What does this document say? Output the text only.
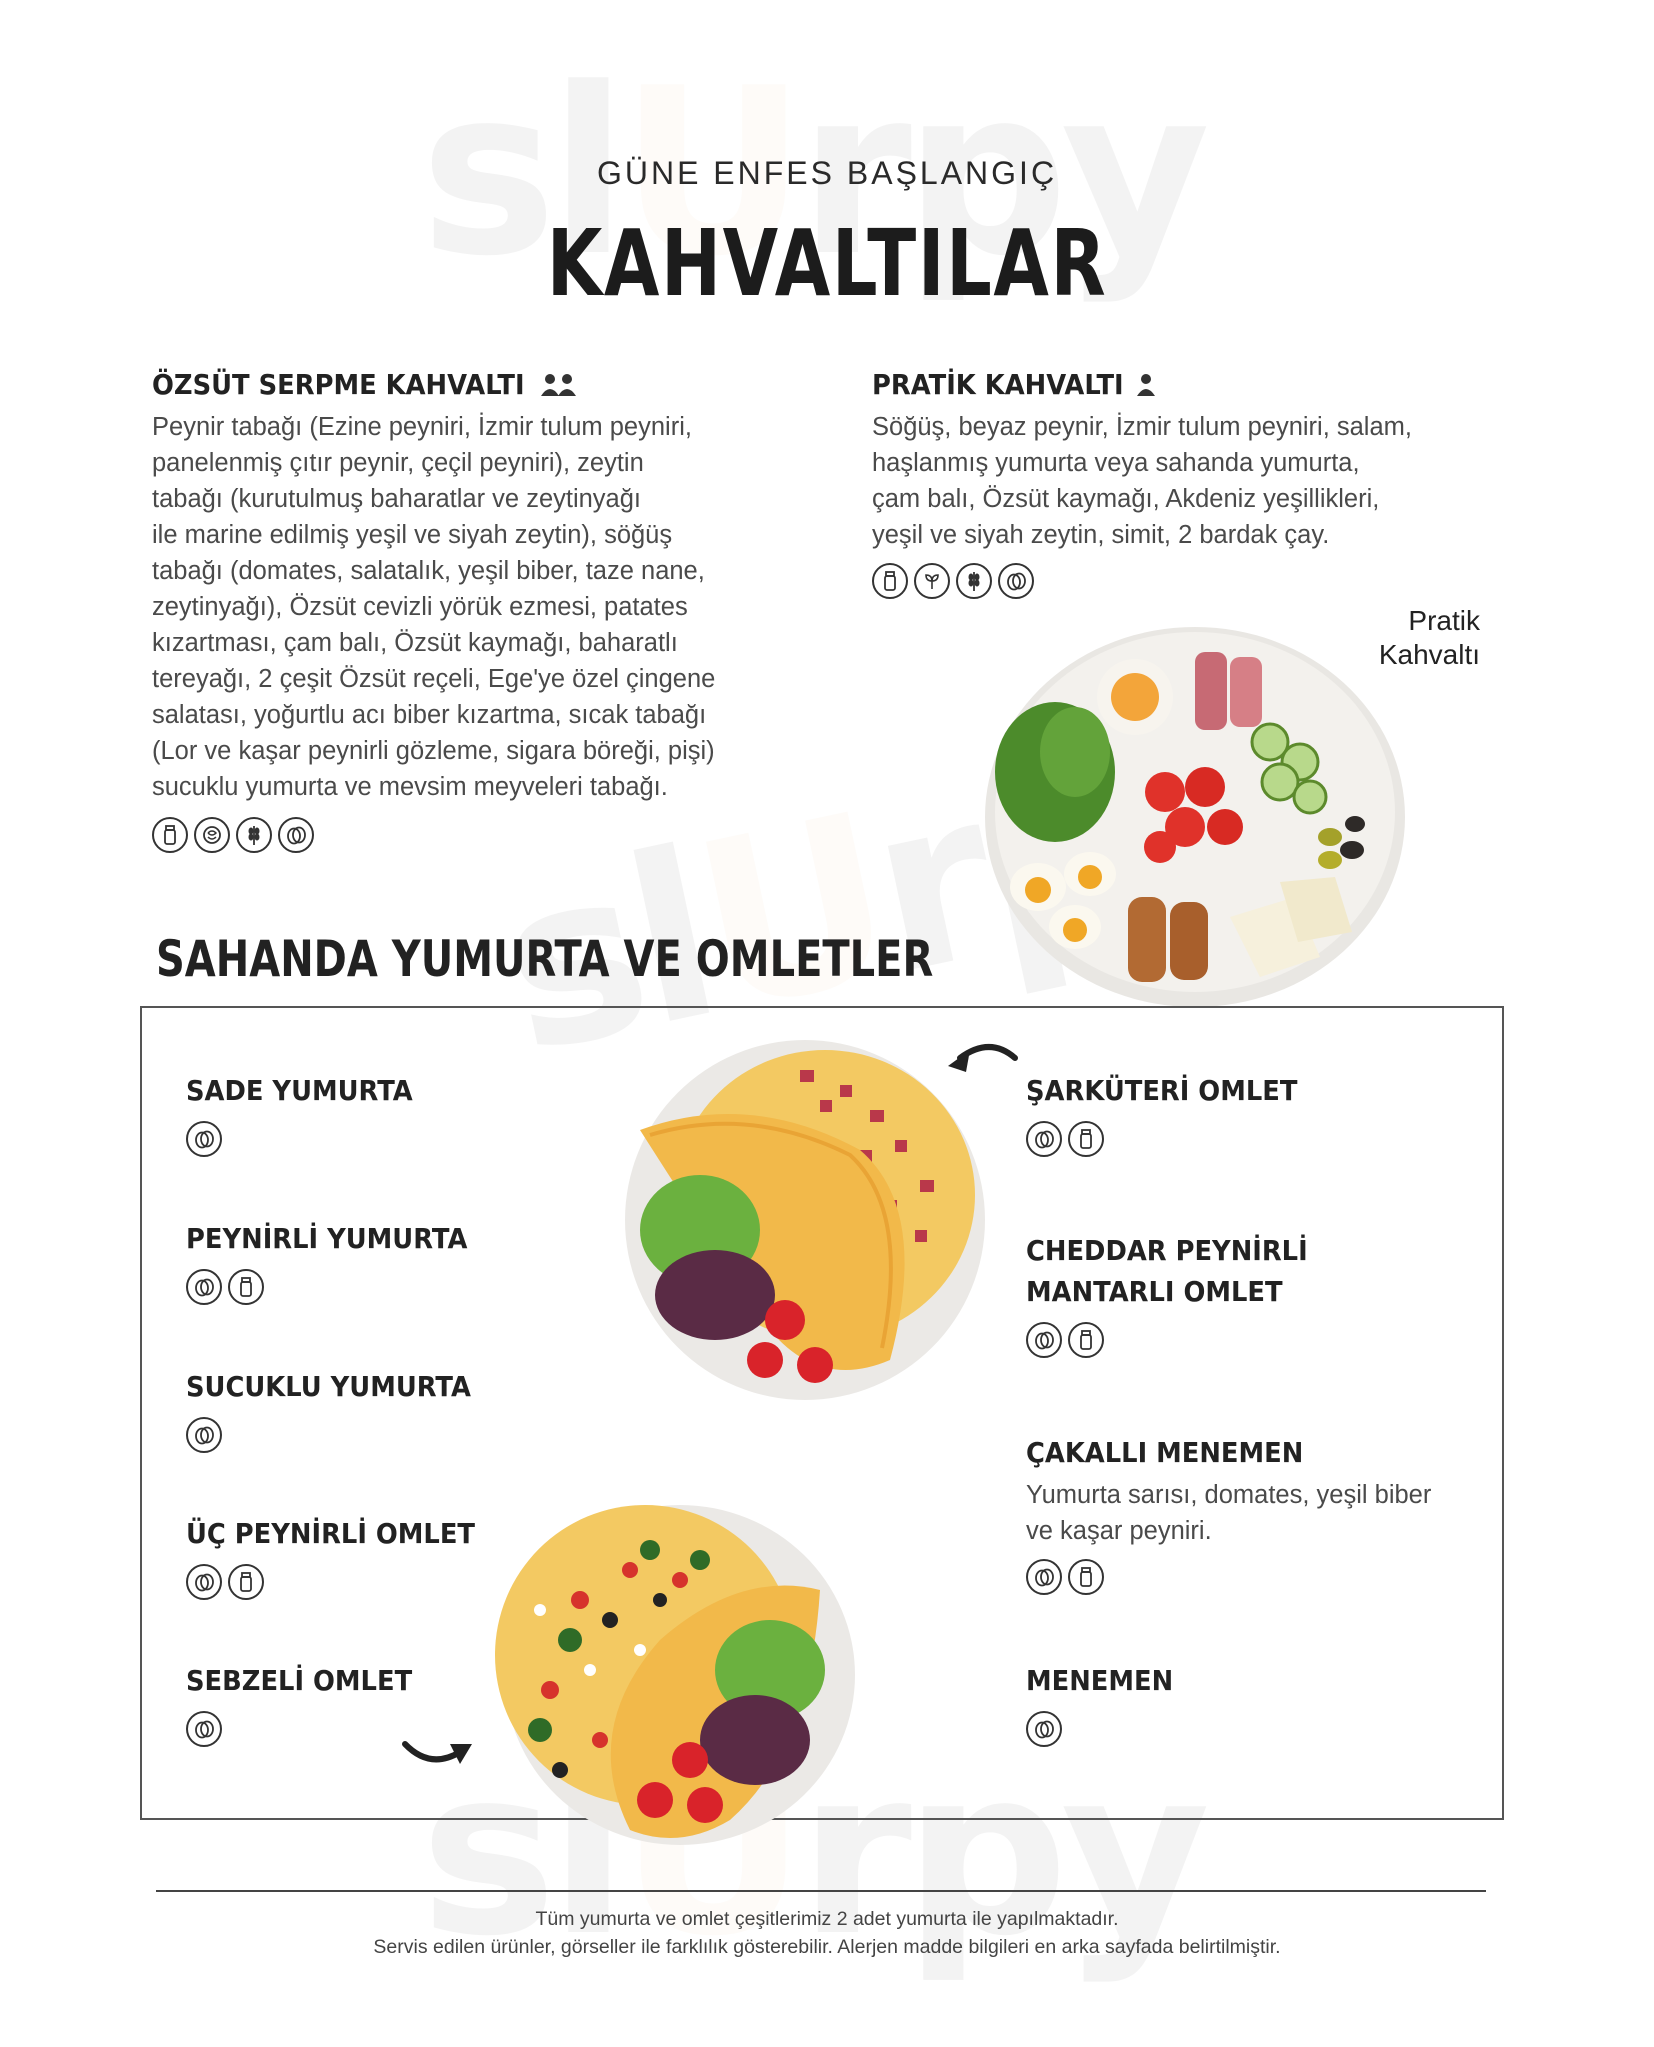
GÜNE ENFES BAŞLANGIÇ
KAHVALTILAR
ÖZSÜT SERPME KAHVALTI
Peynir tabağı (Ezine peyniri, İzmir tulum peyniri,
panelenmiş çıtır peynir, çeçil peyniri), zeytin
tabağı (kurutulmuş baharatlar ve zeytinyağı
ile marine edilmiş yeşil ve siyah zeytin), söğüş
tabağı (domates, salatalık, yeşil biber, taze nane,
zeytinyağı), Özsüt cevizli yörük ezmesi, patates
kızartması, çam balı, Özsüt kaymağı, baharatlı
tereyağı, 2 çeşit Özsüt reçeli, Ege'ye özel çingene
salatası, yoğurtlu acı biber kızartma, sıcak tabağı
(Lor ve kaşar peynirli gözleme, sigara böreği, pişi)
sucuklu yumurta ve mevsim meyveleri tabağı.
PRATİK KAHVALTI
Söğüş, beyaz peynir, İzmir tulum peyniri, salam,
haşlanmış yumurta veya sahanda yumurta,
çam balı, Özsüt kaymağı, Akdeniz yeşillikleri,
yeşil ve siyah zeytin, simit, 2 bardak çay.
Pratik
Kahvaltı
SAHANDA YUMURTA VE OMLETLER
SADE YUMURTA
PEYNİRLİ YUMURTA
SUCUKLU YUMURTA
ÜÇ PEYNİRLİ OMLET
SEBZELİ OMLET
ŞARKÜTERİ OMLET
CHEDDAR PEYNİRLİ
MANTARLI OMLET
ÇAKALLI MENEMEN
Yumurta sarısı, domates, yeşil biber
ve kaşar peyniri.
MENEMEN
Tüm yumurta ve omlet çeşitlerimiz 2 adet yumurta ile yapılmaktadır.
Servis edilen ürünler, görseller ile farklılık gösterebilir. Alerjen madde bilgileri en arka sayfada belirtilmiştir.
